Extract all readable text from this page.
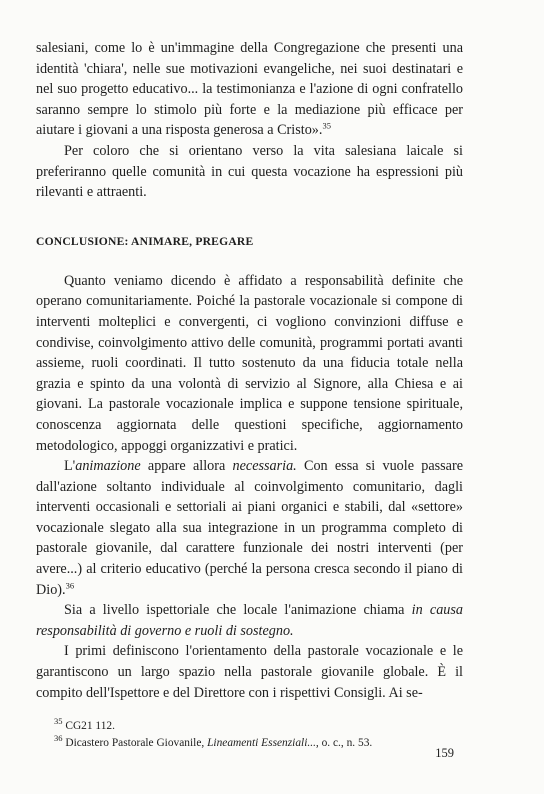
salesiani, come lo è un'immagine della Congregazione che presenti una identità 'chiara', nelle sue motivazioni evangeliche, nei suoi destinatari e nel suo progetto educativo... la testimonianza e l'azione di ogni confratello saranno sempre lo stimolo più forte e la mediazione più efficace per aiutare i giovani a una risposta generosa a Cristo».$^{35}$

Per coloro che si orientano verso la vita salesiana laicale si preferiranno quelle comunità in cui questa vocazione ha espressioni più rilevanti e attraenti.

CONCLUSIONE: ANIMARE, PREGARE

Quanto veniamo dicendo è affidato a responsabilità definite che operano comunitariamente. Poiché la pastorale vocazionale si compone di interventi molteplici e convergenti, ci vogliono convinzioni diffuse e condivise, coinvolgimento attivo delle comunità, programmi portati avanti assieme, ruoli coordinati. Il tutto sostenuto da una fiducia totale nella grazia e spinto da una volontà di servizio al Signore, alla Chiesa e ai giovani. La pastorale vocazionale implica e suppone tensione spirituale, conoscenza aggiornata delle questioni specifiche, aggiornamento metodologico, appoggi organizzativi e pratici.

L'animazione appare allora necessaria. Con essa si vuole passare dall'azione soltanto individuale al coinvolgimento comunitario, dagli interventi occasionali e settoriali ai piani organici e stabili, dal «settore» vocazionale slegato alla sua integrazione in un programma completo di pastorale giovanile, dal carattere funzionale dei nostri interventi (per avere...) al criterio educativo (perché la persona cresca secondo il piano di Dio).$^{36}$

Sia a livello ispettoriale che locale l'animazione chiama in causa responsabilità di governo e ruoli di sostegno.

I primi definiscono l'orientamento della pastorale vocazionale e le garantiscono un largo spazio nella pastorale giovanile globale. È il compito dell'Ispettore e del Direttore con i rispettivi Consigli. Ai se-

$^{35}$ CG21 112.

$^{36}$ Dicastero Pastorale Giovanile, Lineamenti Essenziali..., o. c., n. 53.

159
